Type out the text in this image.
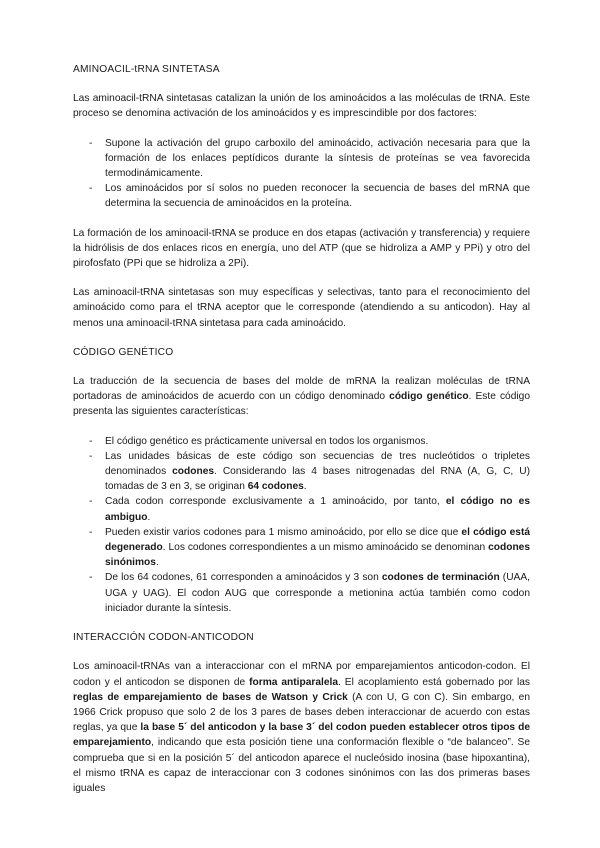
AMINOACIL-tRNA SINTETASA

Las aminoacil-tRNA sintetasas catalizan la unión de los aminoácidos a las moléculas de tRNA. Este proceso se denomina activación de los aminoácidos y es imprescindible por dos factores:

- Supone la activación del grupo carboxilo del aminoácido, activación necesaria para que la formación de los enlaces peptídicos durante la síntesis de proteínas se vea favorecida termodinámicamente.
- Los aminoácidos por sí solos no pueden reconocer la secuencia de bases del mRNA que determina la secuencia de aminoácidos en la proteína.

La formación de los aminoacil-tRNA se produce en dos etapas (activación y transferencia) y requiere la hidrólisis de dos enlaces ricos en energía, uno del ATP (que se hidroliza a AMP y PPi) y otro del pirofosfato (PPi que se hidroliza a 2Pi).

Las aminoacil-tRNA sintetasas son muy específicas y selectivas, tanto para el reconocimiento del aminoácido como para el tRNA aceptor que le corresponde (atendiendo a su anticodon). Hay al menos una aminoacil-tRNA sintetasa para cada aminoácido.

CÓDIGO GENÉTICO

La traducción de la secuencia de bases del molde de mRNA la realizan moléculas de tRNA portadoras de aminoácidos de acuerdo con un código denominado código genético. Este código presenta las siguientes características:

- El código genético es prácticamente universal en todos los organismos.
- Las unidades básicas de este código son secuencias de tres nucleótidos o tripletes denominados codones. Considerando las 4 bases nitrogenadas del RNA (A, G, C, U) tomadas de 3 en 3, se originan 64 codones.
- Cada codon corresponde exclusivamente a 1 aminoácido, por tanto, el código no es ambiguo.
- Pueden existir varios codones para 1 mismo aminoácido, por ello se dice que el código está degenerado. Los codones correspondientes a un mismo aminoácido se denominan codones sinónimos.
- De los 64 codones, 61 corresponden a aminoácidos y 3 son codones de terminación (UAA, UGA y UAG). El codon AUG que corresponde a metionina actúa también como codon iniciador durante la síntesis.
INTERACCIÓN CODON-ANTICODON

Los aminoacil-tRNAs van a interaccionar con el mRNA por emparejamientos anticodon-codon. El codon y el anticodon se disponen de forma antiparalela. El acoplamiento está gobernado por las reglas de emparejamiento de bases de Watson y Crick (A con U, G con C). Sin embargo, en 1966 Crick propuso que solo 2 de los 3 pares de bases deben interaccionar de acuerdo con estas reglas, ya que la base 5´ del anticodon y la base 3´ del codon pueden establecer otros tipos de emparejamiento, indicando que esta posición tiene una conformación flexible o “de balanceo”. Se comprueba que si en la posición 5´ del anticodon aparece el nucleósido inosina (base hipoxantina), el mismo tRNA es capaz de interaccionar con 3 codones sinónimos con las dos primeras bases iguales
